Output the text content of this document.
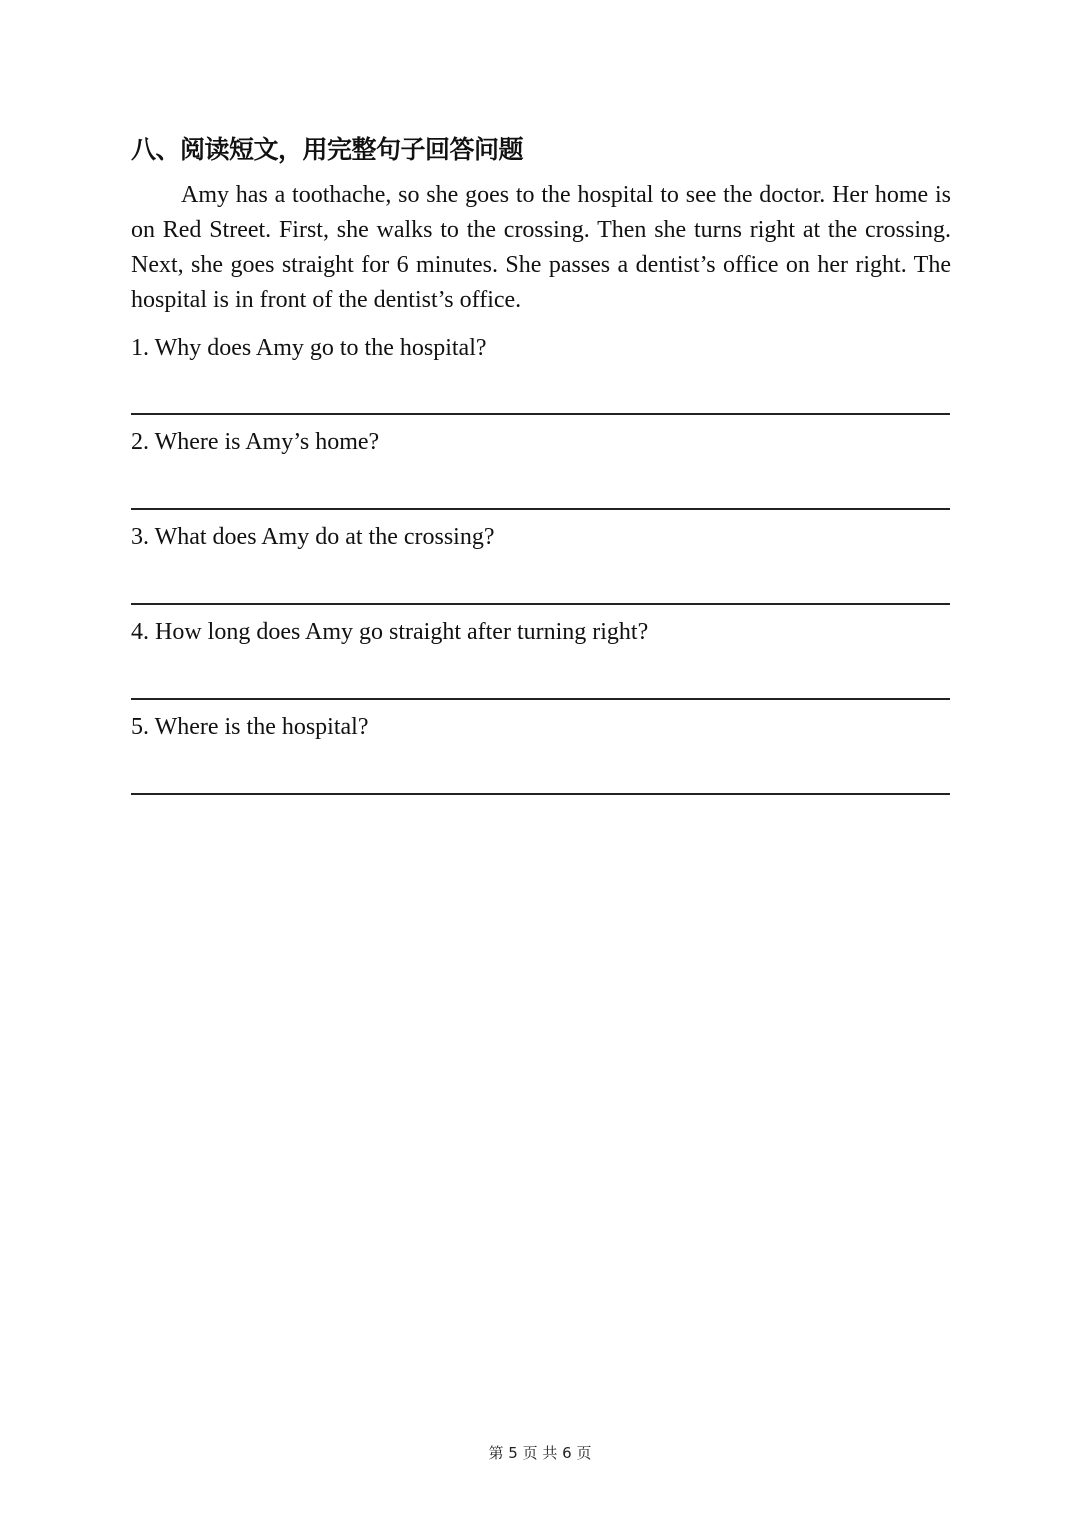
八、阅读短文，用完整句子回答问题

Amy has a toothache, so she goes to the hospital to see the doctor. Her home is on Red Street. First, she walks to the crossing. Then she turns right at the crossing. Next, she goes straight for 6 minutes. She passes a dentist’s office on her right. The hospital is in front of the dentist’s office.

1. Why does Amy go to the hospital?
2. Where is Amy’s home?
3. What does Amy do at the crossing?
4. How long does Amy go straight after turning right?
5. Where is the hospital?
第 5 页 共 6 页
